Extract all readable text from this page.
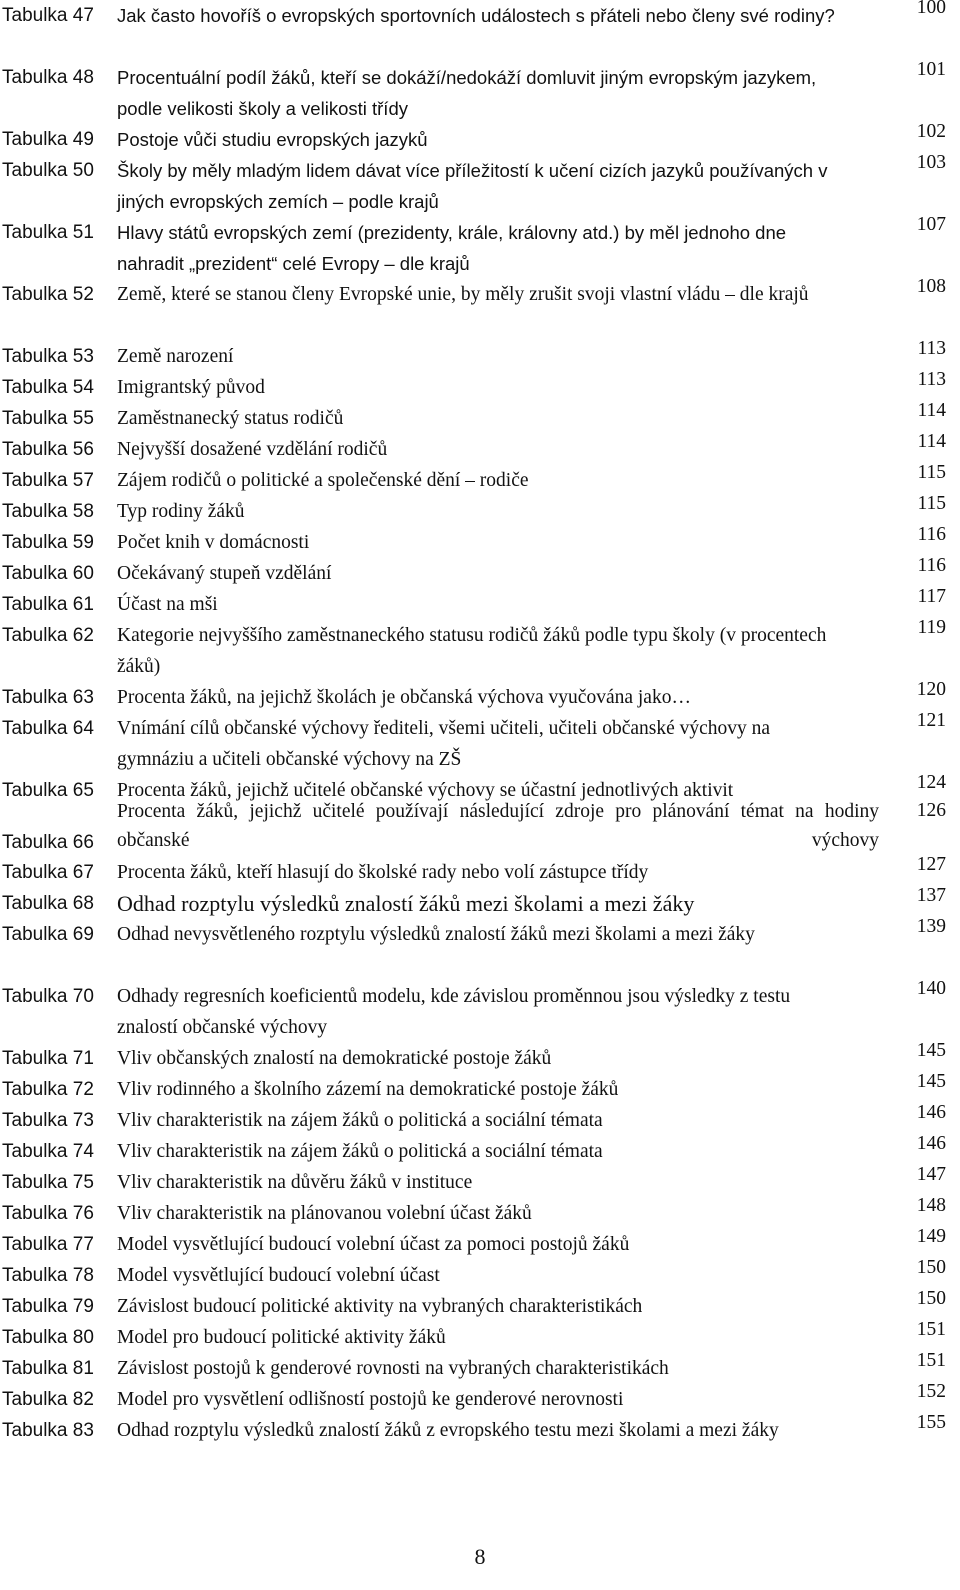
Tabulka 47 Jak často hovoříš o evropských sportovních událostech s přáteli nebo členy své rodiny?	100
Tabulka 48 Procentuální podíl žáků, kteří se dokáží/nedokáží domluvit jiným evropským jazykem, podle velikosti školy a velikosti třídy
101
Tabulka 49 Postoje vůči studiu evropských jazyků	102
Tabulka 50 Školy by měly mladým lidem dávat více příležitostí k učení cizích jazyků používaných v jiných evropských zemích – podle krajů
103
Tabulka 51 Hlavy států evropských zemí (prezidenty, krále, královny atd.) by měl jednoho dne nahradit „prezident“ celé Evropy – dle krajů
107
Tabulka 52 Země, které se stanou členy Evropské unie, by měly zrušit svoji vlastní vládu – dle krajů	108
Tabulka 53 Země narození	113
Tabulka 54 Imigrantský původ	113
Tabulka 55 Zaměstnanecký status rodičů	114
Tabulka 56 Nejvyšší dosažené vzdělání rodičů	114
Tabulka 57 Zájem rodičů o politické a společenské dění – rodiče	115
Tabulka 58 Typ rodiny žáků	115
Tabulka 59 Počet knih v domácnosti	116
Tabulka 60 Očekávaný stupeň vzdělání	116
Tabulka 61 Účast na mši	117
Tabulka 62 Kategorie nejvyššího zaměstnaneckého statusu rodičů žáků podle typu školy (v procentech žáků)
119
Tabulka 63 Procenta žáků, na jejichž školách je občanská výchova vyučována jako…	120
Tabulka 64 Vnímání cílů občanské výchovy řediteli, všemi učiteli, učiteli občanské výchovy na gymnáziu a učiteli občanské výchovy na ZŠ
121
Tabulka 65 Procenta žáků, jejichž učitelé občanské výchovy se účastní jednotlivých aktivit	124
Tabulka 66
Procenta žáků, jejichž učitelé používají následující zdroje pro plánování témat na hodiny občanské výchovy
126
Tabulka 67 Procenta žáků, kteří hlasují do školské rady nebo volí zástupce třídy	127
Tabulka 68 Odhad rozptylu výsledků znalostí žáků mezi školami a mezi žáky	137
Tabulka 69 Odhad nevysvětleného rozptylu výsledků znalostí žáků mezi školami a mezi žáky	139
Tabulka 70 Odhady regresních koeficientů modelu, kde závislou proměnnou jsou výsledky z testu znalostí občanské výchovy
140
Tabulka 71 Vliv občanských znalostí na demokratické postoje žáků	145
Tabulka 72 Vliv rodinného a školního zázemí na demokratické postoje žáků	145
Tabulka 73 Vliv charakteristik na zájem žáků o politická a sociální témata	146
Tabulka 74 Vliv charakteristik na zájem žáků o politická a sociální témata	146
Tabulka 75 Vliv charakteristik na důvěru žáků v instituce	147
Tabulka 76 Vliv charakteristik na plánovanou volební účast žáků	148
Tabulka 77 Model vysvětlující budoucí volební účast za pomoci postojů žáků	149
Tabulka 78 Model vysvětlující budoucí volební účast	150
Tabulka 79 Závislost budoucí politické aktivity na vybraných charakteristikách	150
Tabulka 80 Model pro budoucí politické aktivity žáků	151
Tabulka 81 Závislost postojů k genderové rovnosti na vybraných charakteristikách	151
Tabulka 82 Model pro vysvětlení odlišností postojů ke genderové nerovnosti	152
Tabulka 83 Odhad rozptylu výsledků znalostí žáků z evropského testu mezi školami a mezi žáky	155
8
